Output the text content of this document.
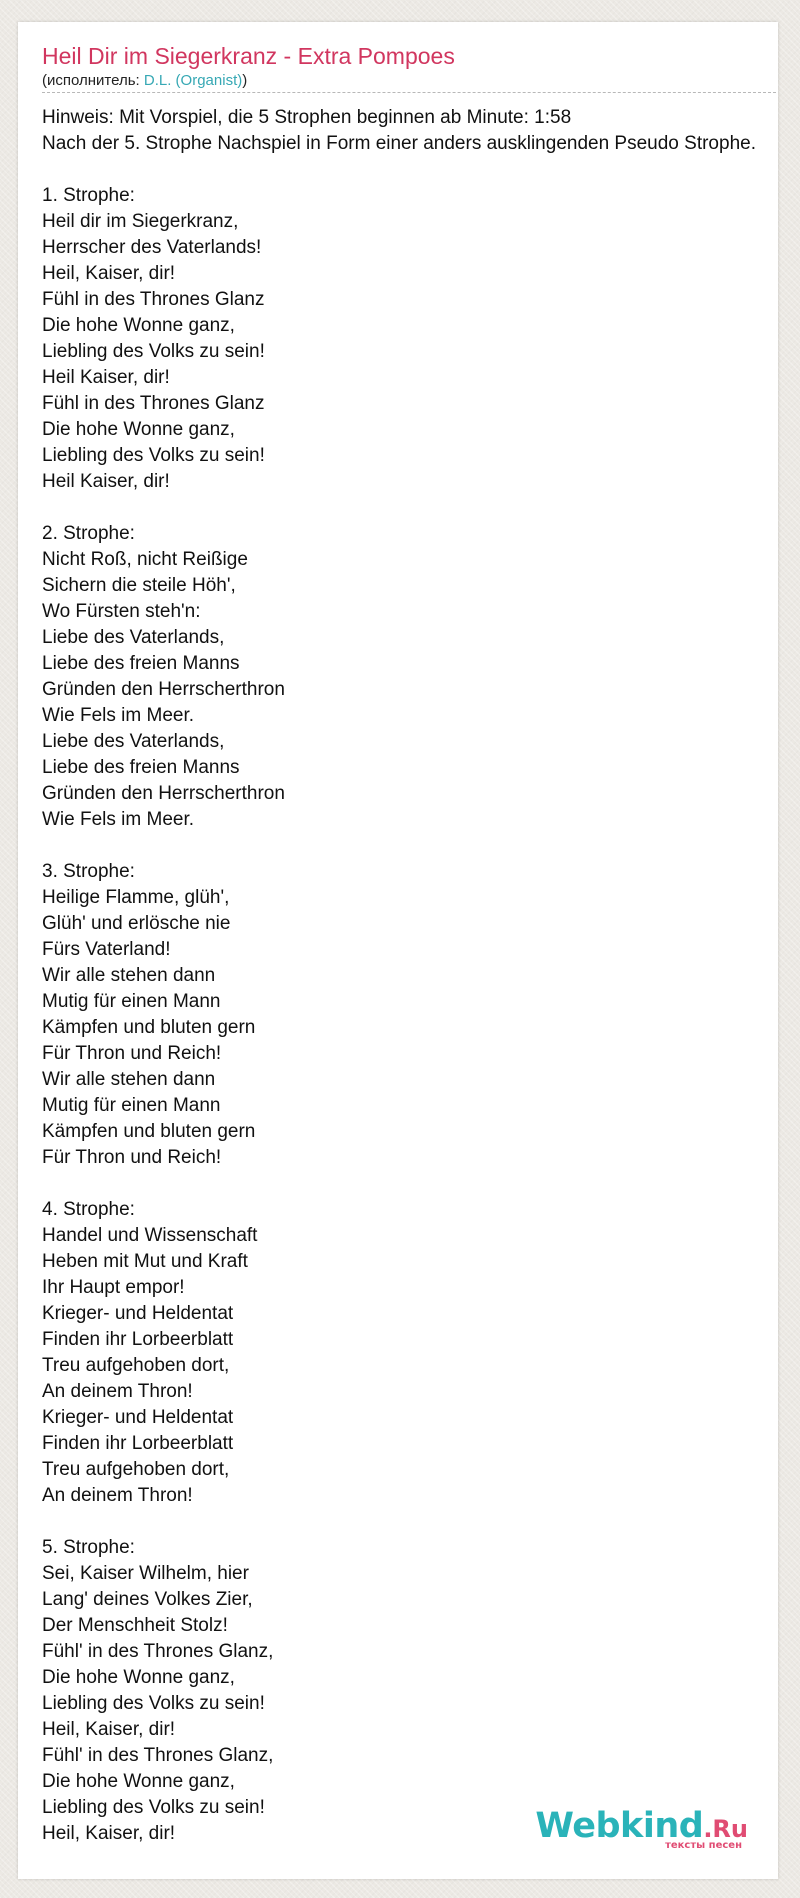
Heil Dir im Siegerkranz - Extra Pompoes
(исполнитель: D.L. (Organist))
Hinweis: Mit Vorspiel, die 5 Strophen beginnen ab Minute: 1:58
Nach der 5. Strophe Nachspiel in Form einer anders ausklingenden Pseudo Strophe.
1. Strophe:
Heil dir im Siegerkranz,
Herrscher des Vaterlands!
Heil, Kaiser, dir!
Fühl in des Thrones Glanz
Die hohe Wonne ganz,
Liebling des Volks zu sein!
Heil Kaiser, dir!
Fühl in des Thrones Glanz
Die hohe Wonne ganz,
Liebling des Volks zu sein!
Heil Kaiser, dir!
2. Strophe:
Nicht Roß, nicht Reißige
Sichern die steile Höh',
Wo Fürsten steh'n:
Liebe des Vaterlands,
Liebe des freien Manns
Gründen den Herrscherthron
Wie Fels im Meer.
Liebe des Vaterlands,
Liebe des freien Manns
Gründen den Herrscherthron
Wie Fels im Meer.
3. Strophe:
Heilige Flamme, glüh',
Glüh' und erlösche nie
Fürs Vaterland!
Wir alle stehen dann
Mutig für einen Mann
Kämpfen und bluten gern
Für Thron und Reich!
Wir alle stehen dann
Mutig für einen Mann
Kämpfen und bluten gern
Für Thron und Reich!
4. Strophe:
Handel und Wissenschaft
Heben mit Mut und Kraft
Ihr Haupt empor!
Krieger- und Heldentat
Finden ihr Lorbeerblatt
Treu aufgehoben dort,
An deinem Thron!
Krieger- und Heldentat
Finden ihr Lorbeerblatt
Treu aufgehoben dort,
An deinem Thron!
5. Strophe:
Sei, Kaiser Wilhelm, hier
Lang' deines Volkes Zier,
Der Menschheit Stolz!
Fühl' in des Thrones Glanz,
Die hohe Wonne ganz,
Liebling des Volks zu sein!
Heil, Kaiser, dir!
Fühl' in des Thrones Glanz,
Die hohe Wonne ganz,
Liebling des Volks zu sein!
Heil, Kaiser, dir!	Webkind.Ru
тексты песен
